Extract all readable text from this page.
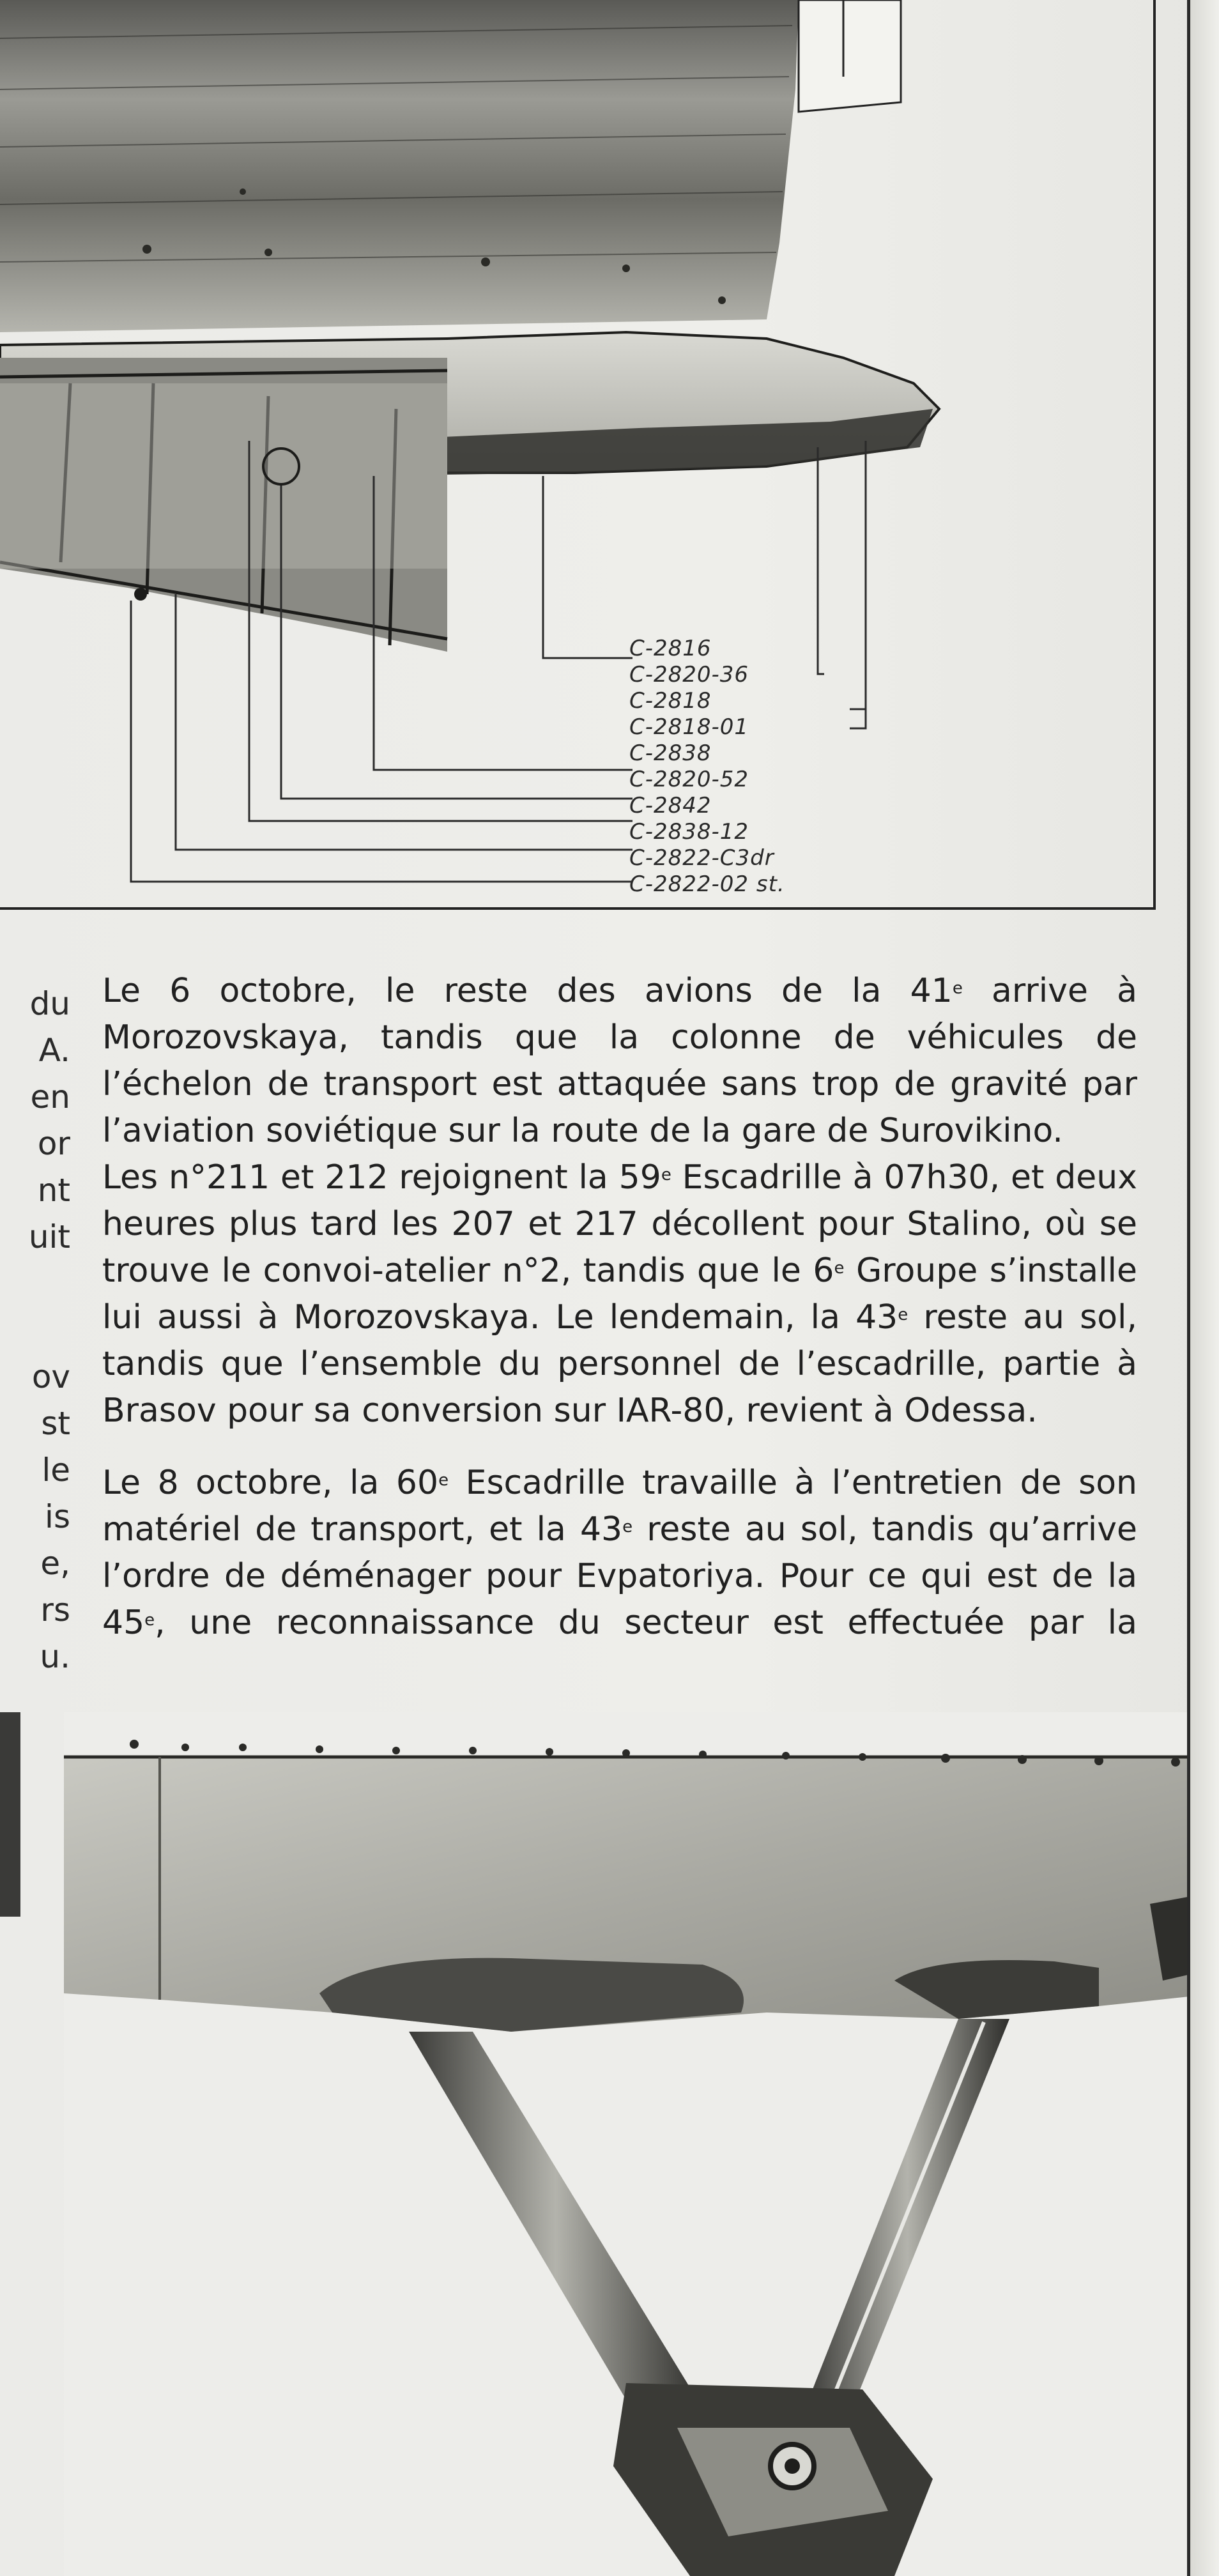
C-2816
C-2820-36
C-2818
C-2818-01
C-2838
C-2820-52
C-2842
C-2838-12
C-2822-C3dr
C-2822-02 st.
du
A.
en
or
nt
uit
ov
st
le
is
e,
rs
u.
Le 6 octobre, le reste des avions de la 41e arrive à
Morozovskaya, tandis que la colonne de véhicules de
l’échelon de transport est attaquée sans trop de gravité par
l’aviation soviétique sur la route de la gare de Surovikino.
Les n°211 et 212 rejoignent la 59e Escadrille à 07h30, et deux
heures plus tard les 207 et 217 décollent pour Stalino, où se
trouve le convoi-atelier n°2, tandis que le 6e Groupe s’installe
lui aussi à Morozovskaya. Le lendemain, la 43e reste au sol,
tandis que l’ensemble du personnel de l’escadrille, partie à
Brasov pour sa conversion sur IAR-80, revient à Odessa.
Le 8 octobre, la 60e Escadrille travaille à l’entretien de son
matériel de transport, et la 43e reste au sol, tandis qu’arrive
l’ordre de déménager pour Evpatoriya. Pour ce qui est de la
45e, une reconnaissance du secteur est effectuée par la
